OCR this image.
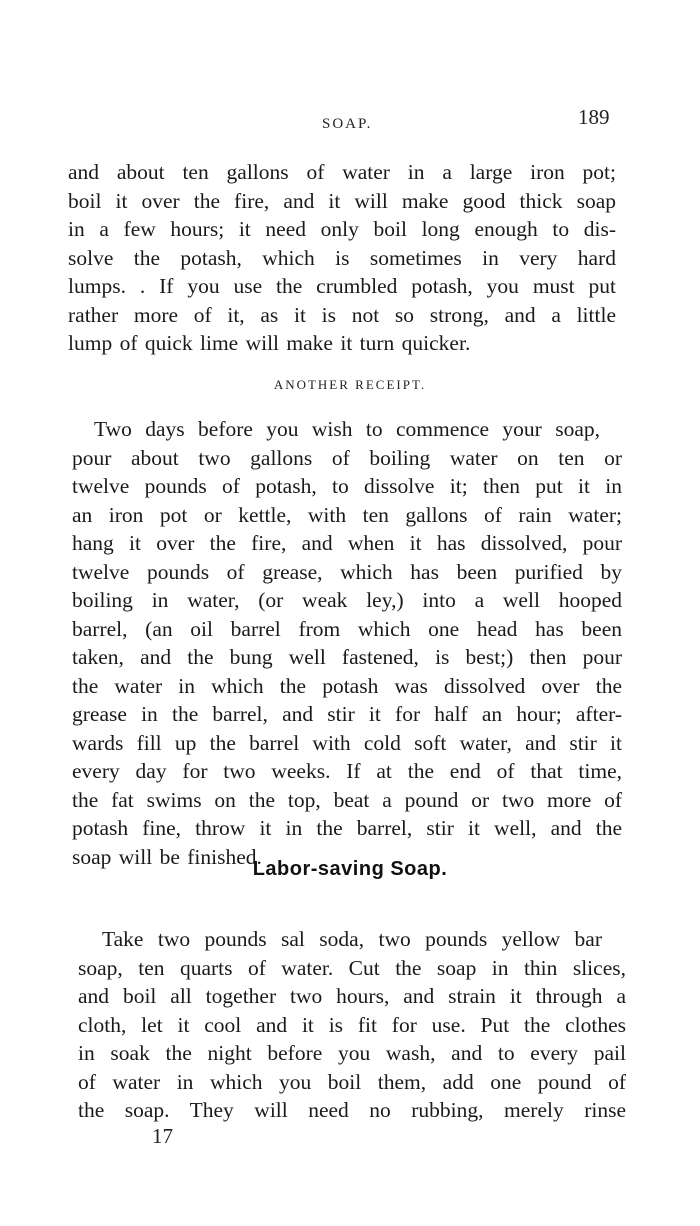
SOAP.	189
and about ten gallons of water in a large iron pot;
boil it over the fire, and it will make good thick soap
in a few hours; it need only boil long enough to dis-
solve the potash, which is sometimes in very hard
lumps. . If you use the crumbled potash, you must put
rather more of it, as it is not so strong, and a little
lump of quick lime will make it turn quicker.
ANOTHER RECEIPT.
Two days before you wish to commence your soap,
pour about two gallons of boiling water on ten or
twelve pounds of potash, to dissolve it; then put it in
an iron pot or kettle, with ten gallons of rain water;
hang it over the fire, and when it has dissolved, pour
twelve pounds of grease, which has been purified by
boiling in water, (or weak ley,) into a well hooped
barrel, (an oil barrel from which one head has been
taken, and the bung well fastened, is best;) then pour
the water in which the potash was dissolved over the
grease in the barrel, and stir it for half an hour; after-
wards fill up the barrel with cold soft water, and stir it
every day for two weeks. If at the end of that time,
the fat swims on the top, beat a pound or two more of
potash fine, throw it in the barrel, stir it well, and the
soap will be finished.
Labor-saving Soap.
Take two pounds sal soda, two pounds yellow bar
soap, ten quarts of water. Cut the soap in thin slices,
and boil all together two hours, and strain it through a
cloth, let it cool and it is fit for use. Put the clothes
in soak the night before you wash, and to every pail
of water in which you boil them, add one pound of
the soap. They will need no rubbing, merely rinse
17
